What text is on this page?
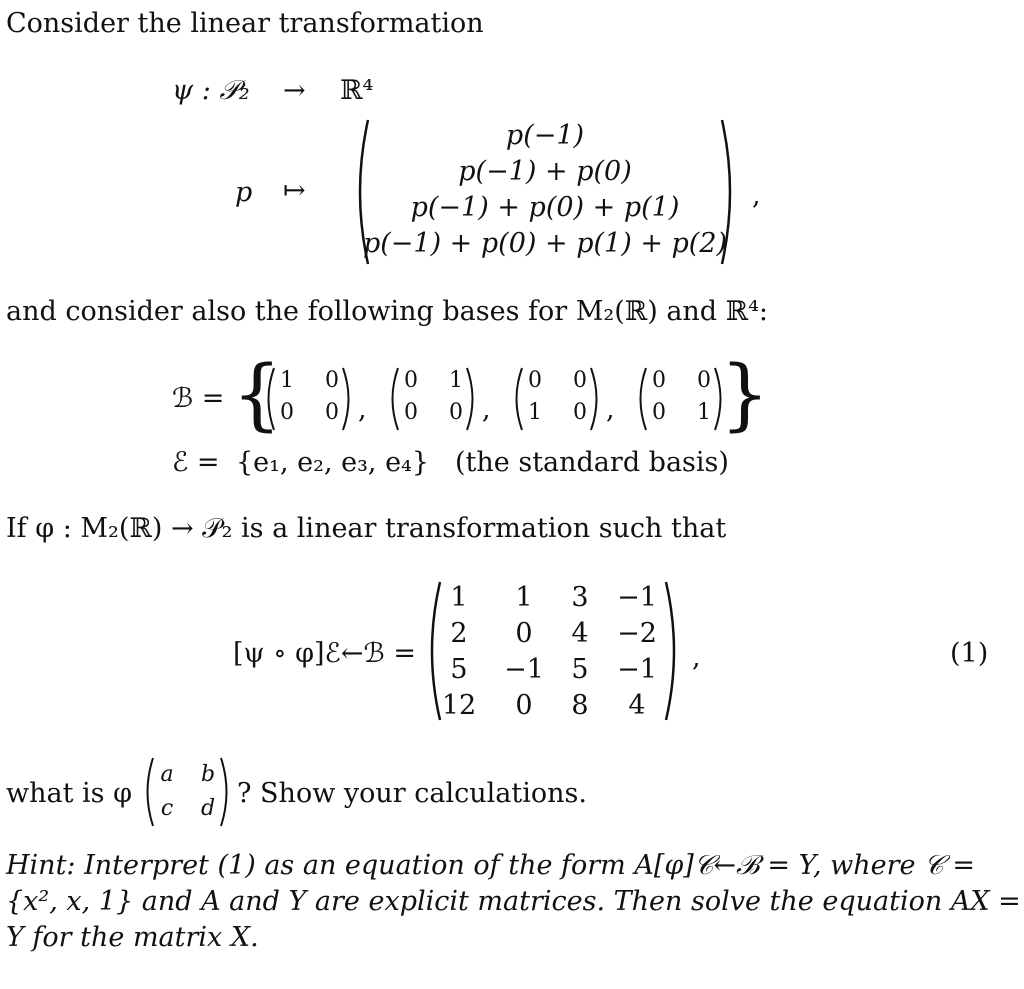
Consider the linear transformation
ψ : 𝒫₂ → ℝ⁴
p ↦
p(−1)
p(−1) + p(0)
p(−1) + p(0) + p(1)
p(−1) + p(0) + p(1) + p(2)
,
and consider also the following bases for M₂(ℝ) and ℝ⁴:
ℬ = {	}
1 0
0 0 ,
0 1
0 0 ,
0 0
1 0 ,
0 0
0 1
ℰ = {e₁, e₂, e₃, e₄} (the standard basis)
If φ : M₂(ℝ) → 𝒫₂ is a linear transformation such that
[ψ ∘ φ]ℰ←ℬ =
1 1 3 −1
2 0 4 −2
5 −1 5 −1
12 0 8 4
,	(1)
what is φ
a b
c d ? Show your calculations.
Hint: Interpret (1) as an equation of the form A[φ]𝒞←ℬ = Y, where 𝒞 =
{x², x, 1} and A and Y are explicit matrices. Then solve the equation AX =
Y for the matrix X.
